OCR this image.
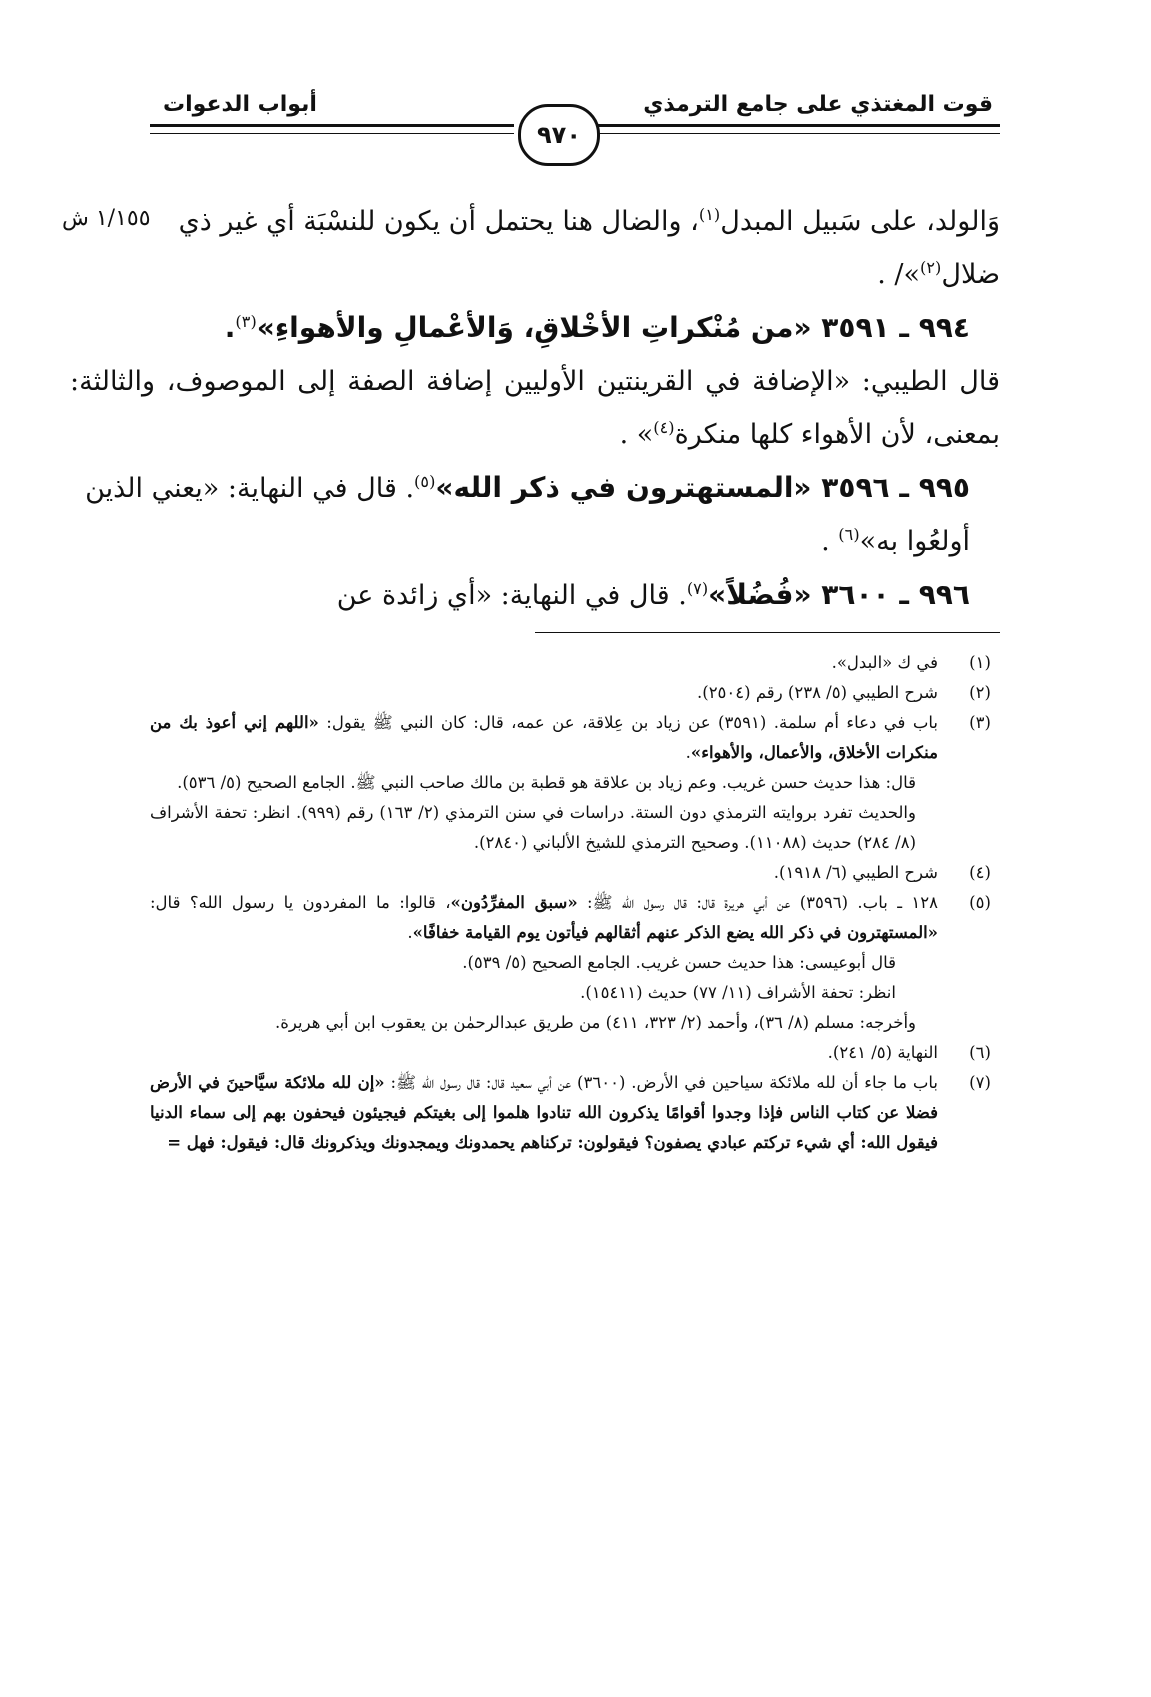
قوت المغتذي على جامع الترمذي
أبواب الدعوات
٩٧٠
١/١٥٥ ش	وَالولد، على سَبيل المبدل$^{(١)}$، والضال هنا يحتمل أن يكون للنسْبَة أي غير ذي ضلال$^{(٢)}$»/ .

٩٩٤ ـ ٣٥٩١ «من مُنْكراتِ الأخْلاقِ، وَالأعْمالِ والأهواءِ»$^{(٣)}$.

قال الطيبي: «الإضافة في القرينتين الأوليين إضافة الصفة إلى الموصوف، والثالثة: بمعنى، لأن الأهواء كلها منكرة$^{(٤)}$» .

٩٩٥ ـ ٣٥٩٦ «المستهترون في ذكر الله»$^{(٥)}$. قال في النهاية: «يعني الذين أولعُوا به»$^{(٦)}$ .

٩٩٦ ـ ٣٦٠٠ «فُضُلاً»$^{(٧)}$. قال في النهاية: «أي زائدة عن

(١)

في ك «البدل».

(٢)

شرح الطيبي (٥/ ٢٣٨) رقم (٢٥٠٤).

(٣)

باب في دعاء أم سلمة. (٣٥٩١) عن زياد بن عِلاقة، عن عمه، قال: كان النبي ﷺ يقول: «اللهم إني أعوذ بك من منكرات الأخلاق، والأعمال، والأهواء».

قال: هذا حديث حسن غريب. وعم زياد بن علاقة هو قطبة بن مالك صاحب النبي ﷺ. الجامع الصحيح (٥/ ٥٣٦).

والحديث تفرد بروايته الترمذي دون الستة. دراسات في سنن الترمذي (٢/ ١٦٣) رقم (٩٩٩). انظر: تحفة الأشراف (٨/ ٢٨٤) حديث (١١٠٨٨). وصحيح الترمذي للشيخ الألباني (٢٨٤٠).

(٤)

شرح الطيبي (٦/ ١٩١٨).

(٥)

١٢٨ ـ باب. (٣٥٩٦) عن أبي هريرة قال: قال رسول الله ﷺ: «سبق المفرِّدُون»، قالوا: ما المفردون يا رسول الله؟ قال: «المستهترون في ذكر الله يضع الذكر عنهم أثقالهم فيأتون يوم القيامة خفافًا».

قال أبوعيسى: هذا حديث حسن غريب. الجامع الصحيح (٥/ ٥٣٩).

انظر: تحفة الأشراف (١١/ ٧٧) حديث (١٥٤١١).

وأخرجه: مسلم (٨/ ٣٦)، وأحمد (٢/ ٣٢٣، ٤١١) من طريق عبدالرحمٰن بن يعقوب ابن أبي هريرة.

(٦)

النهاية (٥/ ٢٤١).

(٧)

باب ما جاء أن لله ملائكة سياحين في الأرض. (٣٦٠٠) عن أبي سعيد قال: قال رسول الله ﷺ: «إن لله ملائكة سيَّاحينَ في الأرض فضلا عن كتاب الناس فإذا وجدوا أقوامًا يذكرون الله تنادوا هلموا إلى بغيتكم فيجيئون فيحفون بهم إلى سماء الدنيا فيقول الله: أي شيء تركتم عبادي يصفون؟ فيقولون: تركناهم يحمدونك ويمجدونك ويذكرونك قال: فيقول: فهل =
